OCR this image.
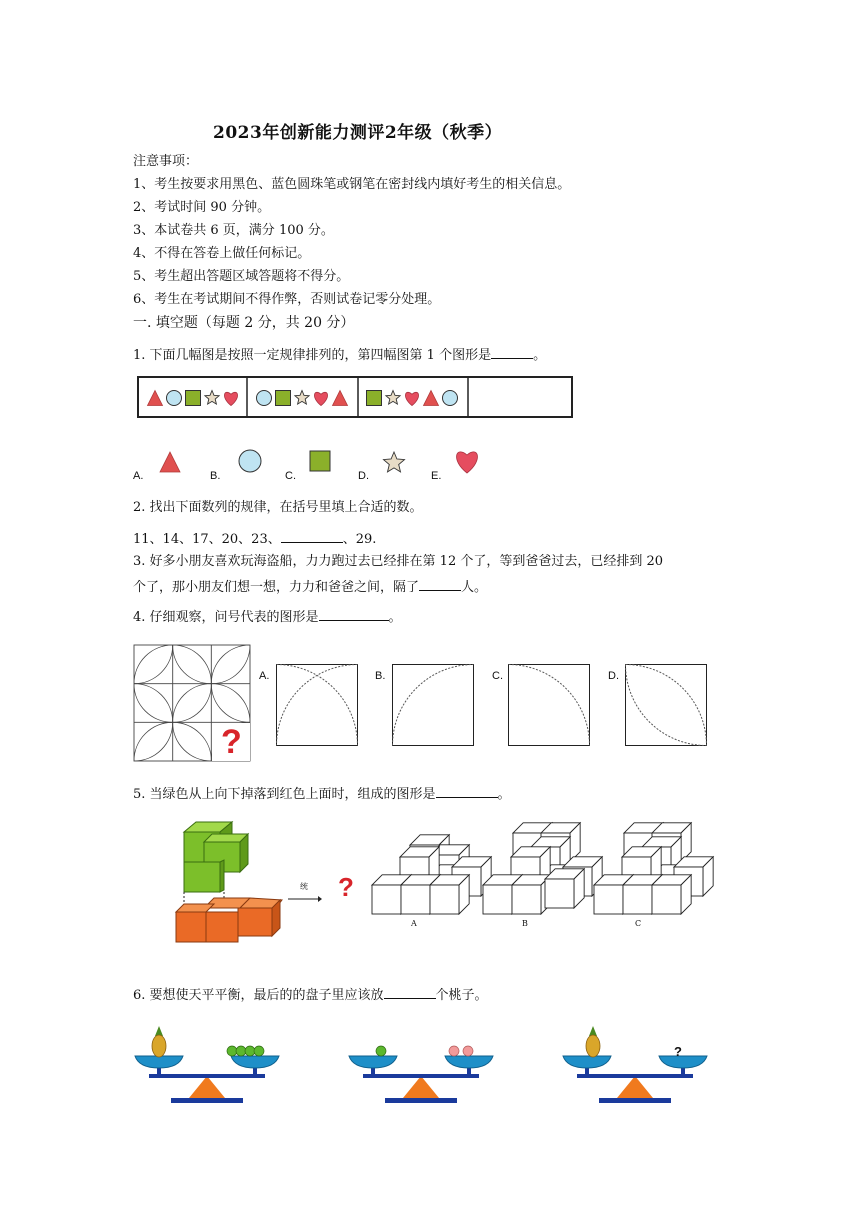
2023年创新能力测评2年级（秋季）
注意事项：
1、考生按要求用黑色、蓝色圆珠笔或钢笔在密封线内填好考生的相关信息。
2、考试时间 90 分钟。
3、本试卷共 6 页，满分 100 分。
4、不得在答卷上做任何标记。
5、考生超出答题区域答题将不得分。
6、考生在考试期间不得作弊，否则试卷记零分处理。
一. 填空题（每题 2 分，共 20 分）
1. 下面几幅图是按照一定规律排列的，第四幅图第 1 个图形是	。
A.	B.	C.	D.	E.
2. 找出下面数列的规律，在括号里填上合适的数。
11、14、17、20、23、	、29.
3. 好多小朋友喜欢玩海盗船，力力跑过去已经排在第 12 个了，等到爸爸过去，已经排到 20
个了，那小朋友们想一想，力力和爸爸之间，隔了	人。
4. 仔细观察，问号代表的图形是	。
?
A.	B.	C.	D.
5. 当绿色从上向下掉落到红色上面时，组成的图形是	。
统 ?
A	B	C
6. 要想使天平平衡，最后的的盘子里应该放	个桃子。
?
